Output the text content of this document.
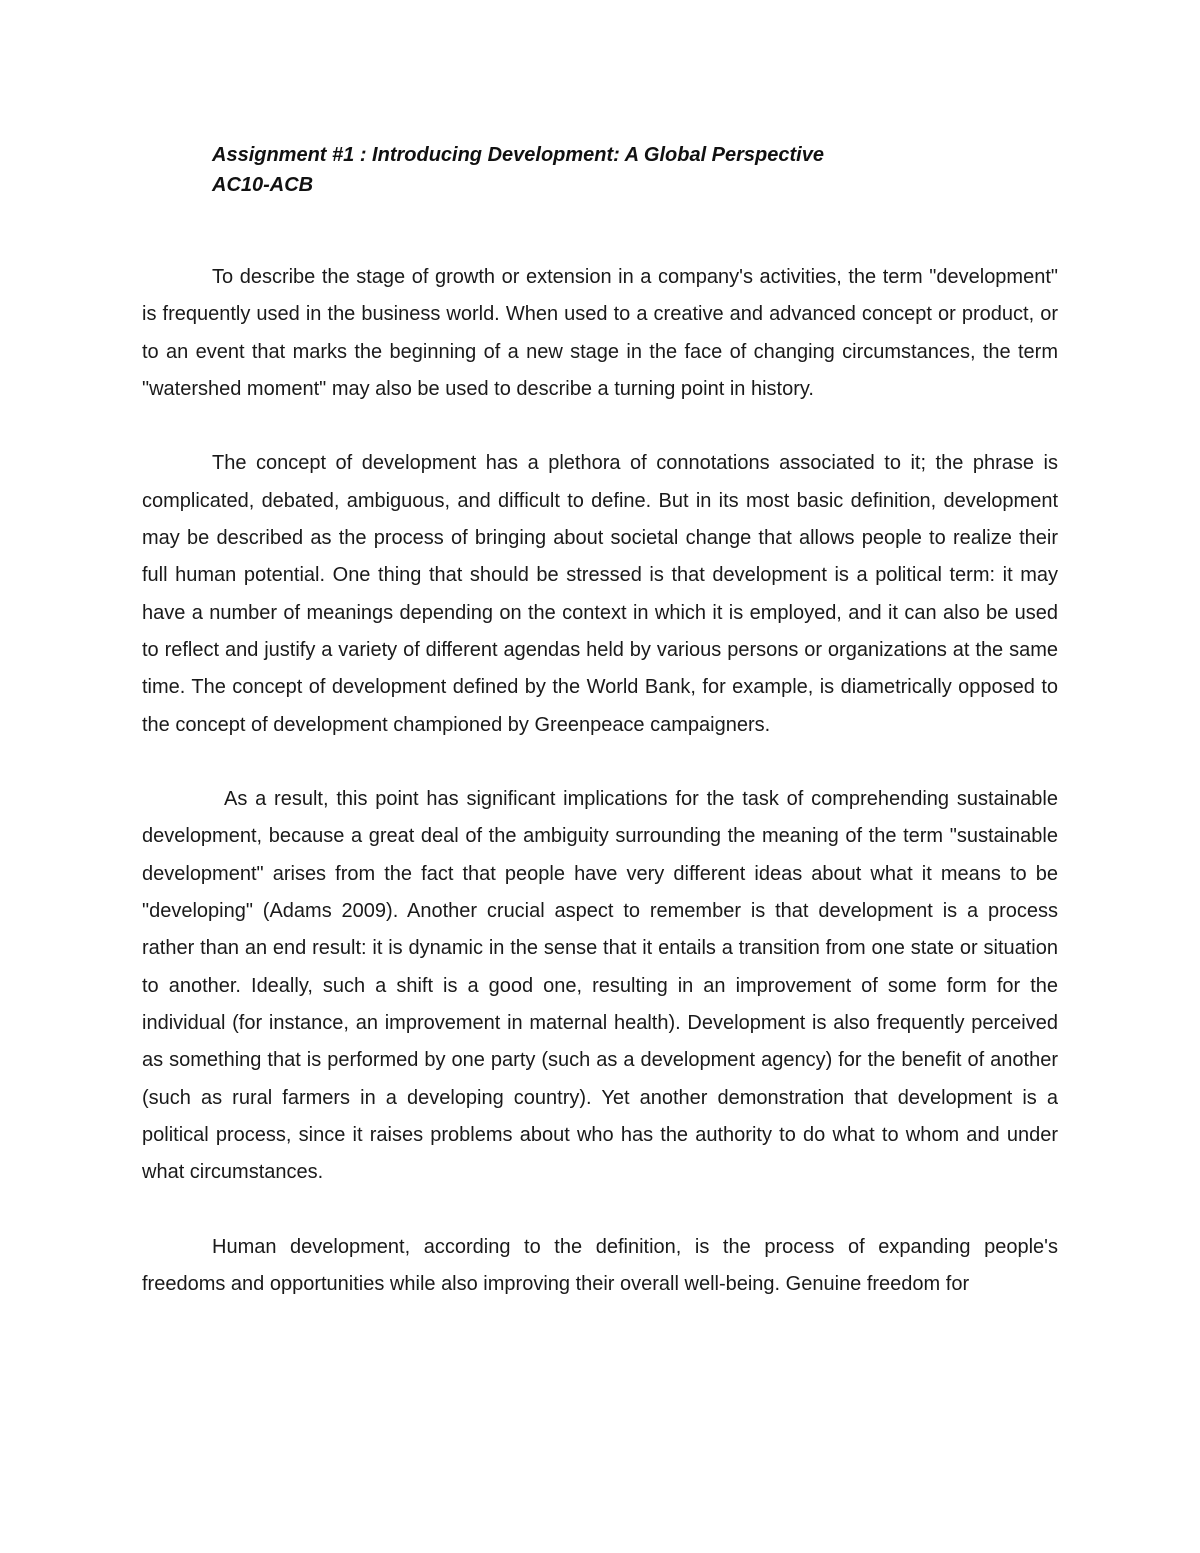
Assignment #1 : Introducing Development: A Global Perspective
AC10-ACB

To describe the stage of growth or extension in a company's activities, the term "development" is frequently used in the business world. When used to a creative and advanced concept or product, or to an event that marks the beginning of a new stage in the face of changing circumstances, the term "watershed moment" may also be used to describe a turning point in history.

The concept of development has a plethora of connotations associated to it; the phrase is complicated, debated, ambiguous, and difficult to define. But in its most basic definition, development may be described as the process of bringing about societal change that allows people to realize their full human potential. One thing that should be stressed is that development is a political term: it may have a number of meanings depending on the context in which it is employed, and it can also be used to reflect and justify a variety of different agendas held by various persons or organizations at the same time. The concept of development defined by the World Bank, for example, is diametrically opposed to the concept of development championed by Greenpeace campaigners.

As a result, this point has significant implications for the task of comprehending sustainable development, because a great deal of the ambiguity surrounding the meaning of the term "sustainable development" arises from the fact that people have very different ideas about what it means to be "developing" (Adams 2009). Another crucial aspect to remember is that development is a process rather than an end result: it is dynamic in the sense that it entails a transition from one state or situation to another. Ideally, such a shift is a good one, resulting in an improvement of some form for the individual (for instance, an improvement in maternal health). Development is also frequently perceived as something that is performed by one party (such as a development agency) for the benefit of another (such as rural farmers in a developing country). Yet another demonstration that development is a political process, since it raises problems about who has the authority to do what to whom and under what circumstances.

Human development, according to the definition, is the process of expanding people's freedoms and opportunities while also improving their overall well-being. Genuine freedom for
